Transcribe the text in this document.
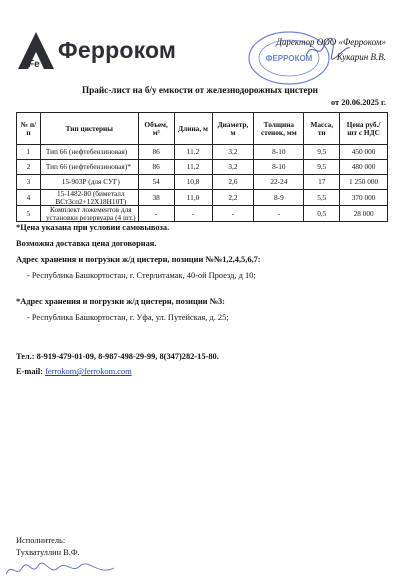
Fe
Ферроком	Директор ООО «Ферроком»
Кукарин В.В.
ФЕРРОКОМ
Прайс-лист на б/у емкости от железнодорожных цистерн
от 20.06.2025 г.
№ п/п	Тип цистерны	Объем, м³	Длина, м	Диаметр, м	Толщина стенок, мм	Масса, тн	Цена руб./шт с НДС
1	Тип 66 (нефтебензиновая)	86	11,2	3,2	8-10	9,5	450 000
2	Тип 66 (нефтебензиновая)*	86	11,2	3,2	8-10	9,5	480 000
3	15-903Р (для СУГ)	54	10,8	2,6	22-24	17	1 250 000
4	15-1482-80 (биметалл ВСт3сп2+12Х18Н10Т)	38	11,0	2,2	8-9	5,5	370 000
5	Комплект ложементов для установки резервуара (4 шт.)	-	-	-	-	0,5	28 000
*Цена указана при условии самовывоза.
Возможна доставка цена договорная.
Адрес хранения и погрузки ж/д цистерн, позиции №№1,2,4,5,6,7:
- Республика Башкортостан, г. Стерлитамак, 40-ой Проезд, д 10;
*Адрес хранения и погрузки ж/д цистерн, позиции №3:
- Республика Башкортостан, г. Уфа, ул. Путейская, д. 25;
Тел.: 8-919-479-01-09, 8-987-498-29-99, 8(347)282-15-80.
E-mail: ferrokom@ferrokom.com
Исполнитель:
Тухватуллин В.Ф.
